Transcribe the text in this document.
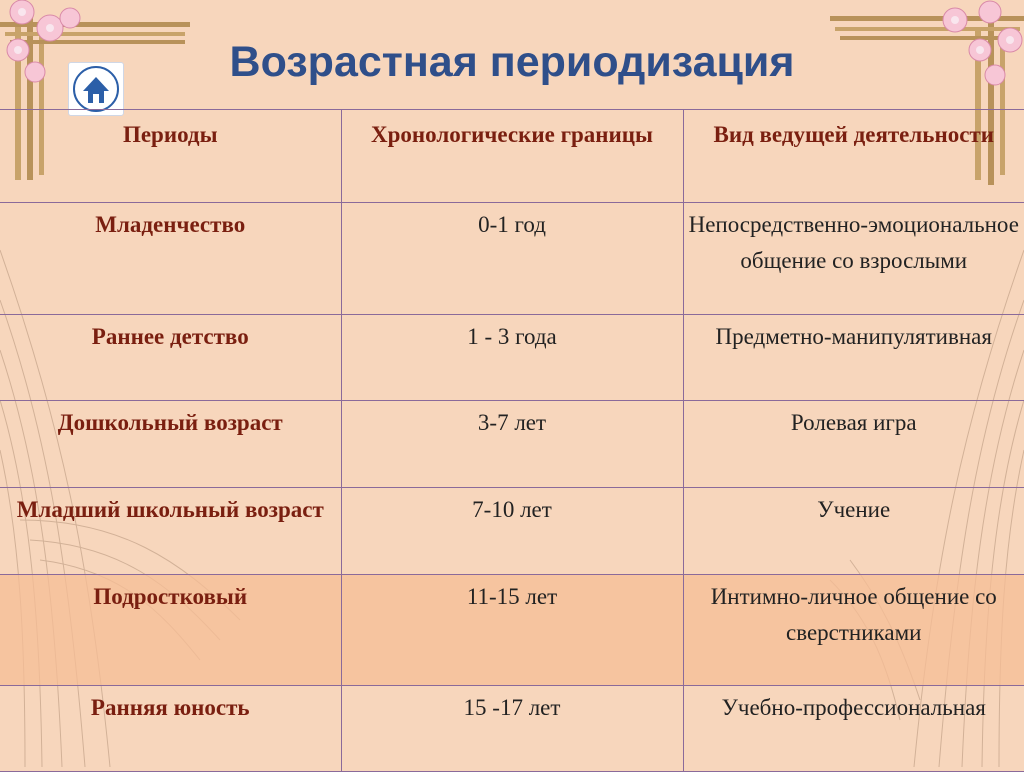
Возрастная периодизация
Периоды	Хронологические границы	Вид ведущей деятельности

Младенчество	0-1 год	Непосредственно-эмоциональное общение со взрослыми
Раннее детство	1 - 3 года	Предметно-манипулятивная
Дошкольный возраст	3-7 лет	Ролевая игра
Младший школьный возраст	7-10 лет	Учение
Подростковый	11-15 лет	Интимно-личное общение со сверстниками
Ранняя юность	15 -17 лет	Учебно-профессиональная
